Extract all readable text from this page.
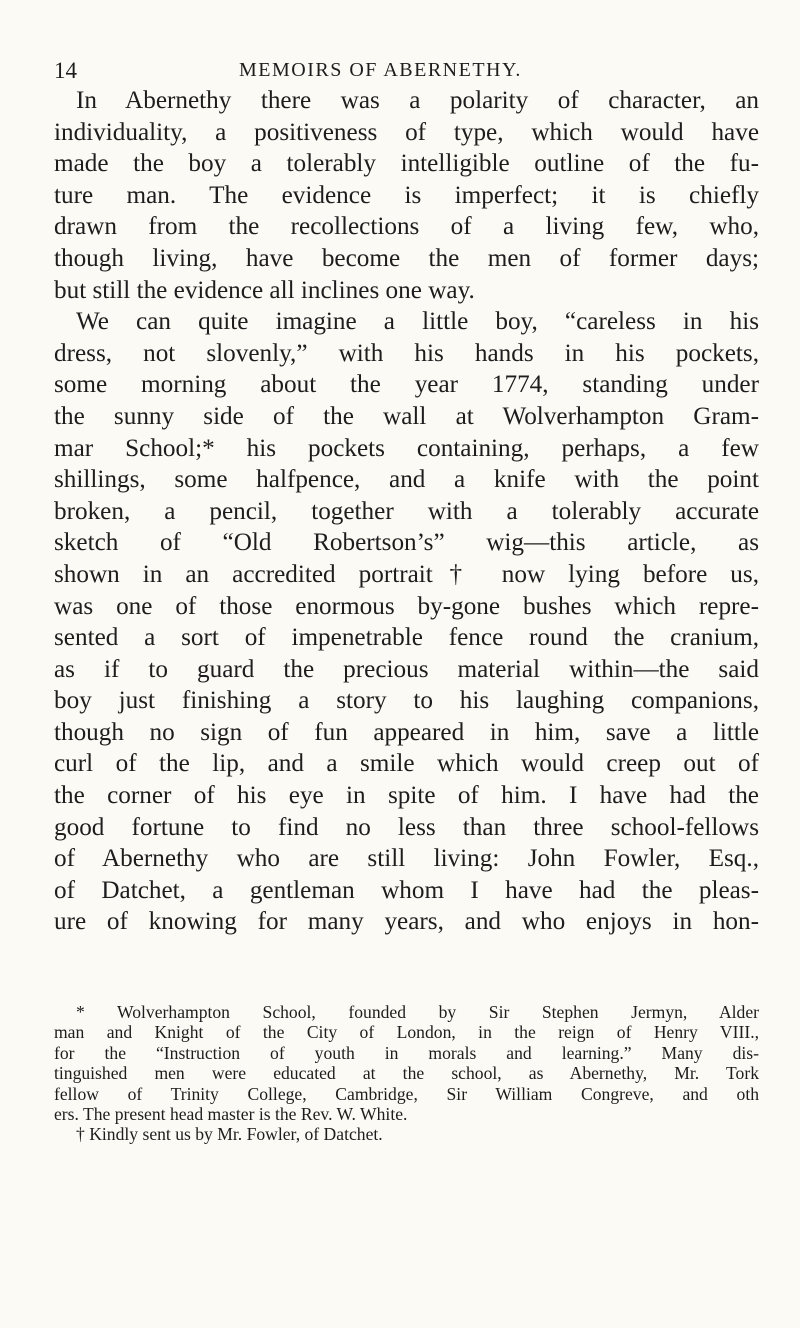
14	MEMOIRS OF ABERNETHY.
In Abernethy there was a polarity of character, an
individuality, a positiveness of type, which would have
made the boy a tolerably intelligible outline of the fu-
ture man. The evidence is imperfect; it is chiefly
drawn from the recollections of a living few, who,
though living, have become the men of former days;
but still the evidence all inclines one way.
We can quite imagine a little boy, “careless in his
dress, not slovenly,” with his hands in his pockets,
some morning about the year 1774, standing under
the sunny side of the wall at Wolverhampton Gram-
mar School;* his pockets containing, perhaps, a few
shillings, some halfpence, and a knife with the point
broken, a pencil, together with a tolerably accurate
sketch of “Old Robertson’s” wig—this article, as
shown in an accredited portrait† now lying before us,
was one of those enormous by-gone bushes which repre-
sented a sort of impenetrable fence round the cranium,
as if to guard the precious material within—the said
boy just finishing a story to his laughing companions,
though no sign of fun appeared in him, save a little
curl of the lip, and a smile which would creep out of
the corner of his eye in spite of him. I have had the
good fortune to find no less than three school-fellows
of Abernethy who are still living: John Fowler, Esq.,
of Datchet, a gentleman whom I have had the pleas-
ure of knowing for many years, and who enjoys in hon-
* Wolverhampton School, founded by Sir Stephen Jermyn, Alder
man and Knight of the City of London, in the reign of Henry VIII.,
for the “Instruction of youth in morals and learning.” Many dis-
tinguished men were educated at the school, as Abernethy, Mr. Tork
fellow of Trinity College, Cambridge, Sir William Congreve, and oth
ers. The present head master is the Rev. W. White.
† Kindly sent us by Mr. Fowler, of Datchet.
